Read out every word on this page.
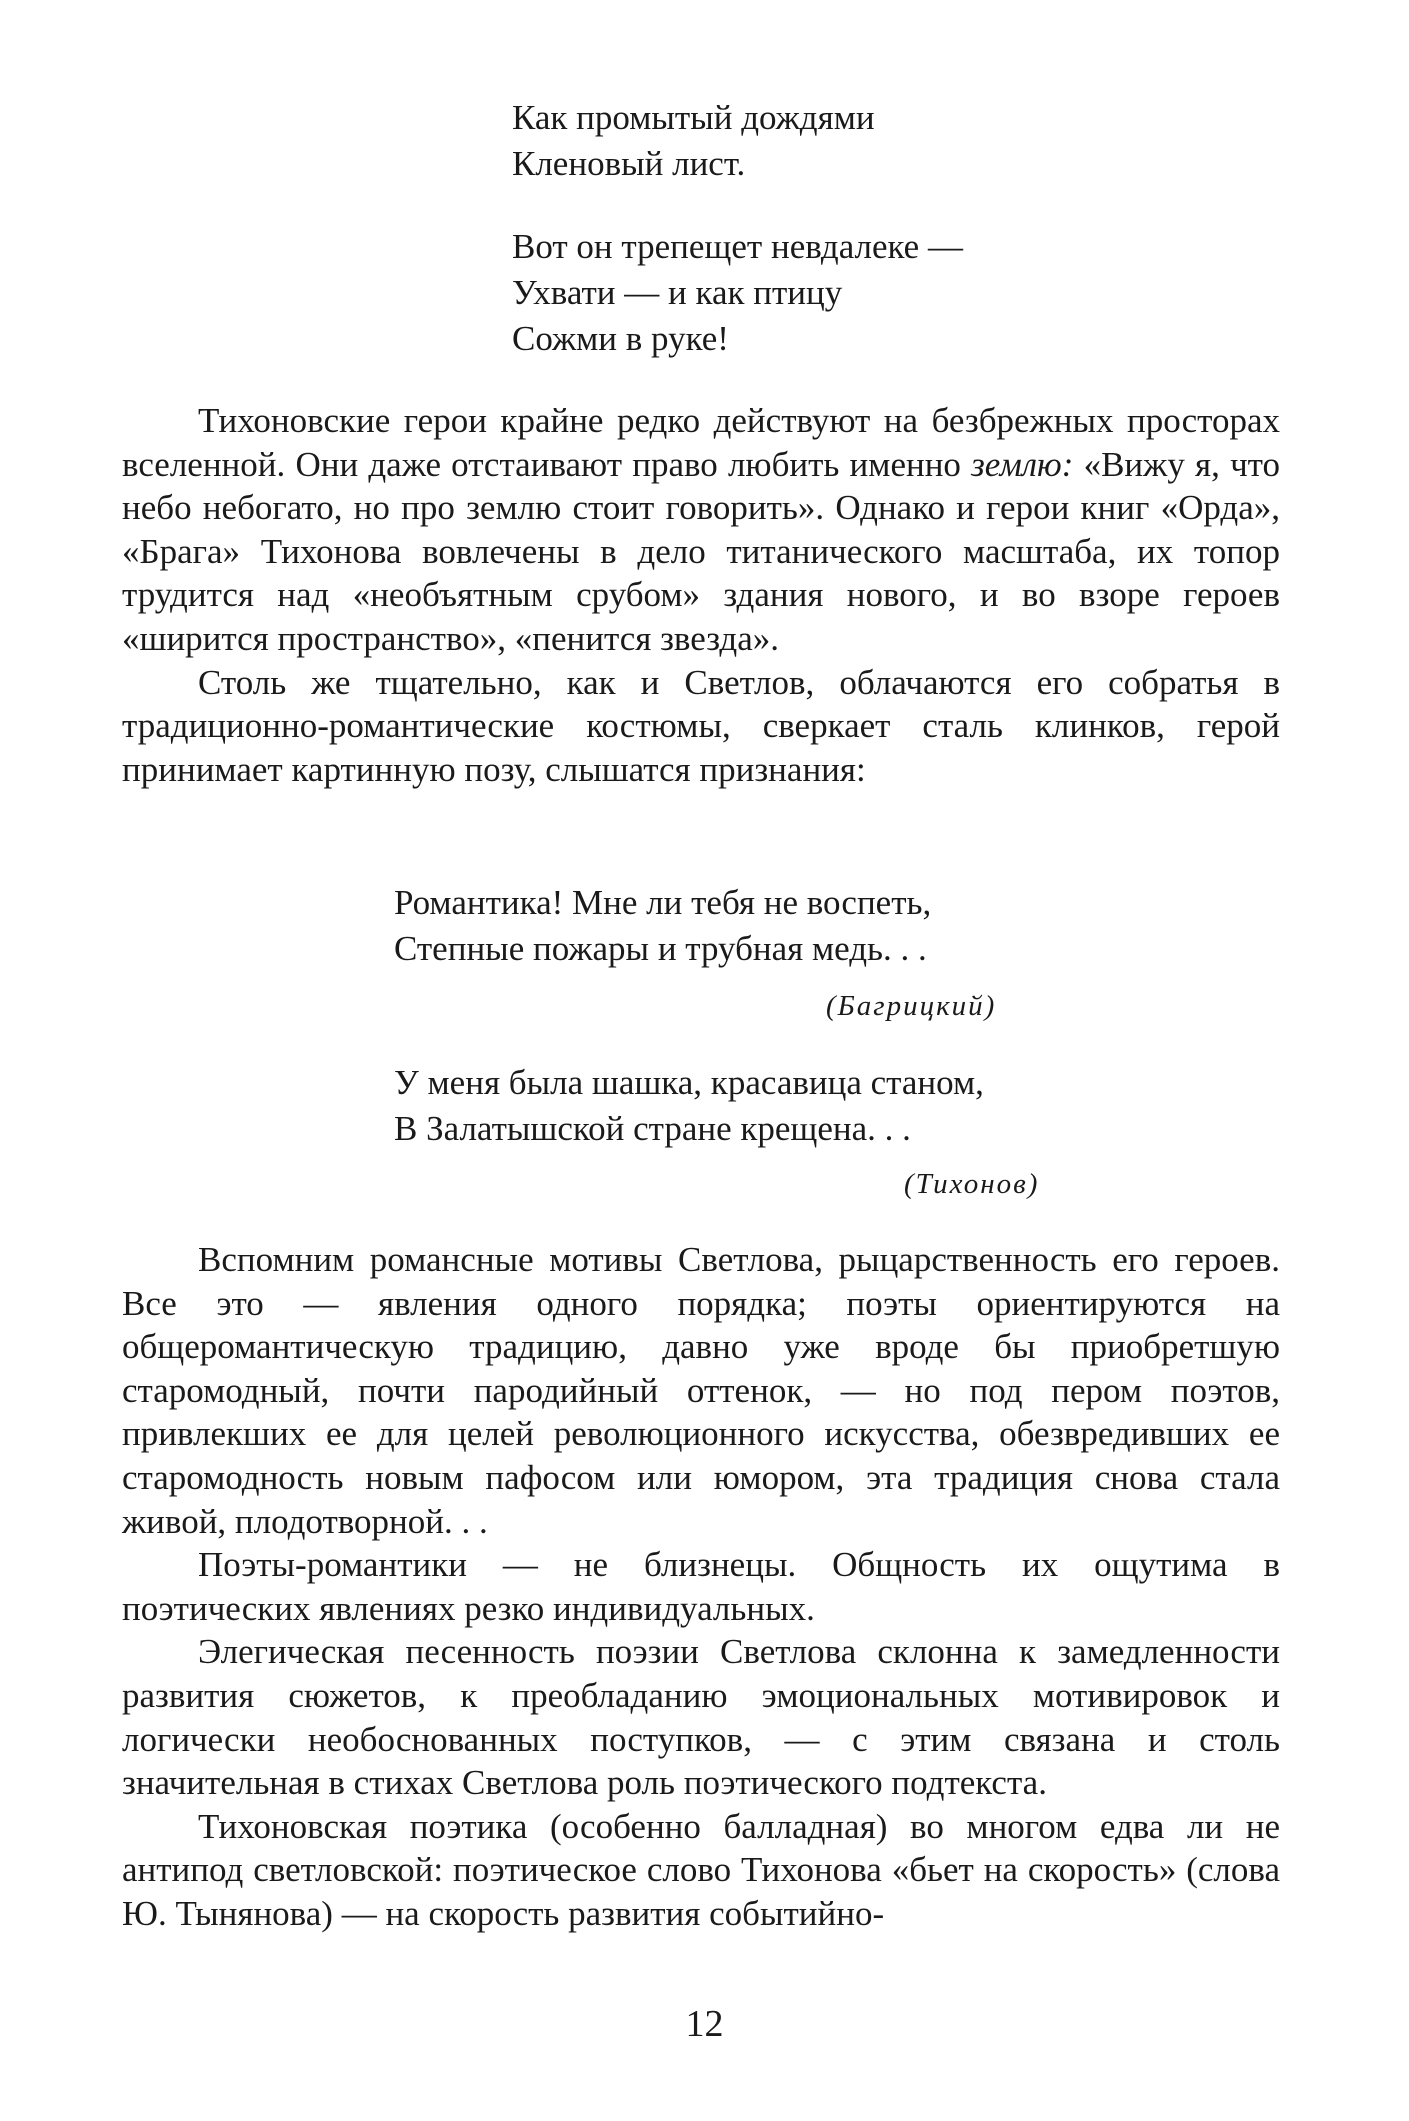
Как промытый дождями
Кленовый лист.
Вот он трепещет невдалеке —
Ухвати — и как птицу
Сожми в руке!

Тихоновские герои крайне редко действуют на безбрежных просторах вселенной. Они даже отстаивают право любить именно землю: «Вижу я, что небо небогато, но про землю стоит говорить». Однако и герои книг «Орда», «Брага» Тихонова вовлечены в дело титанического масштаба, их топор трудится над «необъятным срубом» здания нового, и во взоре героев «ширится пространство», «пенится звезда».

Столь же тщательно, как и Светлов, облачаются его собратья в традиционно-романтические костюмы, сверкает сталь клинков, герой принимает картинную позу, слышатся признания:

Романтика! Мне ли тебя не воспеть,
Степные пожары и трубная медь. . .
(Багрицкий)
У меня была шашка, красавица станом,
В Залатышской стране крещена. . .
(Тихонов)

Вспомним романсные мотивы Светлова, рыцарственность его героев. Все это — явления одного порядка; поэты ориентируются на общеромантическую традицию, давно уже вроде бы приобретшую старомодный, почти пародийный оттенок, — но под пером поэтов, привлекших ее для целей революционного искусства, обезвредивших ее старомодность новым пафосом или юмором, эта традиция снова стала живой, плодотворной. . .

Поэты-романтики — не близнецы. Общность их ощутима в поэтических явлениях резко индивидуальных.

Элегическая песенность поэзии Светлова склонна к замедленности развития сюжетов, к преобладанию эмоциональных мотивировок и логически необоснованных поступков, — с этим связана и столь значительная в стихах Светлова роль поэтического подтекста.

Тихоновская поэтика (особенно балладная) во многом едва ли не антипод светловской: поэтическое слово Тихонова «бьет на скорость» (слова Ю. Тынянова) — на скорость развития событийно-

12
